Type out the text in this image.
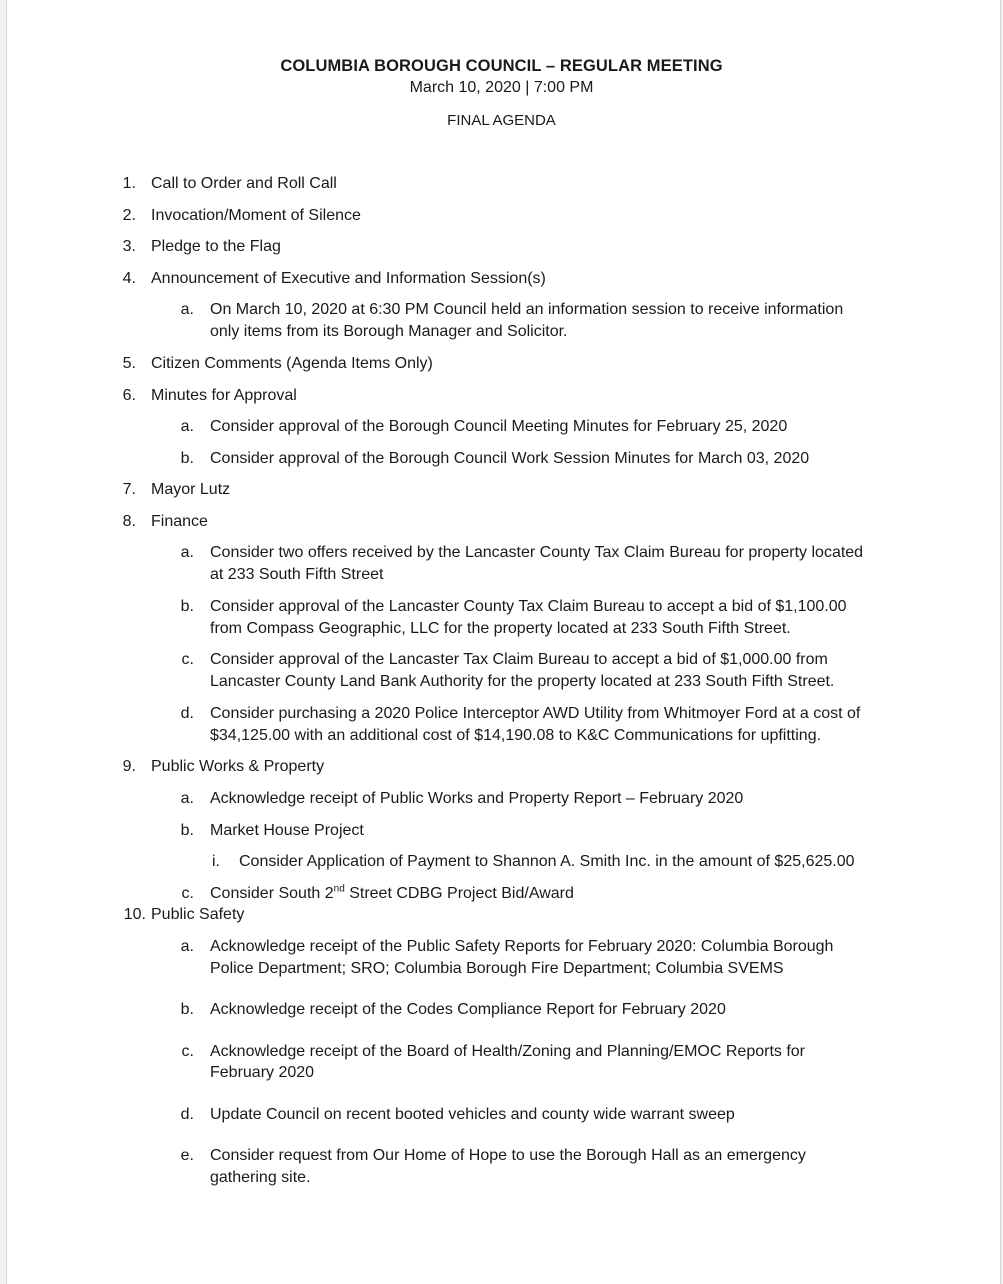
COLUMBIA BOROUGH COUNCIL – REGULAR MEETING
March 10, 2020 | 7:00 PM
FINAL AGENDA
1. Call to Order and Roll Call
2. Invocation/Moment of Silence
3. Pledge to the Flag
4. Announcement of Executive and Information Session(s)
a. On March 10, 2020 at 6:30 PM Council held an information session to receive information
only items from its Borough Manager and Solicitor.
5. Citizen Comments (Agenda Items Only)
6. Minutes for Approval
a. Consider approval of the Borough Council Meeting Minutes for February 25, 2020
b. Consider approval of the Borough Council Work Session Minutes for March 03, 2020
7. Mayor Lutz
8. Finance
a. Consider two offers received by the Lancaster County Tax Claim Bureau for property located
at 233 South Fifth Street
b. Consider approval of the Lancaster County Tax Claim Bureau to accept a bid of $1,100.00
from Compass Geographic, LLC for the property located at 233 South Fifth Street.
c. Consider approval of the Lancaster Tax Claim Bureau to accept a bid of $1,000.00 from
Lancaster County Land Bank Authority for the property located at 233 South Fifth Street.
d. Consider purchasing a 2020 Police Interceptor AWD Utility from Whitmoyer Ford at a cost of
$34,125.00 with an additional cost of $14,190.08 to K&C Communications for upfitting.
9. Public Works & Property
a. Acknowledge receipt of Public Works and Property Report – February 2020
b. Market House Project
i. Consider Application of Payment to Shannon A. Smith Inc. in the amount of $25,625.00
c. Consider South 2nd Street CDBG Project Bid/Award
10. Public Safety
a. Acknowledge receipt of the Public Safety Reports for February 2020: Columbia Borough
Police Department; SRO; Columbia Borough Fire Department; Columbia SVEMS
b. Acknowledge receipt of the Codes Compliance Report for February 2020
c. Acknowledge receipt of the Board of Health/Zoning and Planning/EMOC Reports for
February 2020
d. Update Council on recent booted vehicles and county wide warrant sweep
e. Consider request from Our Home of Hope to use the Borough Hall as an emergency
gathering site.
